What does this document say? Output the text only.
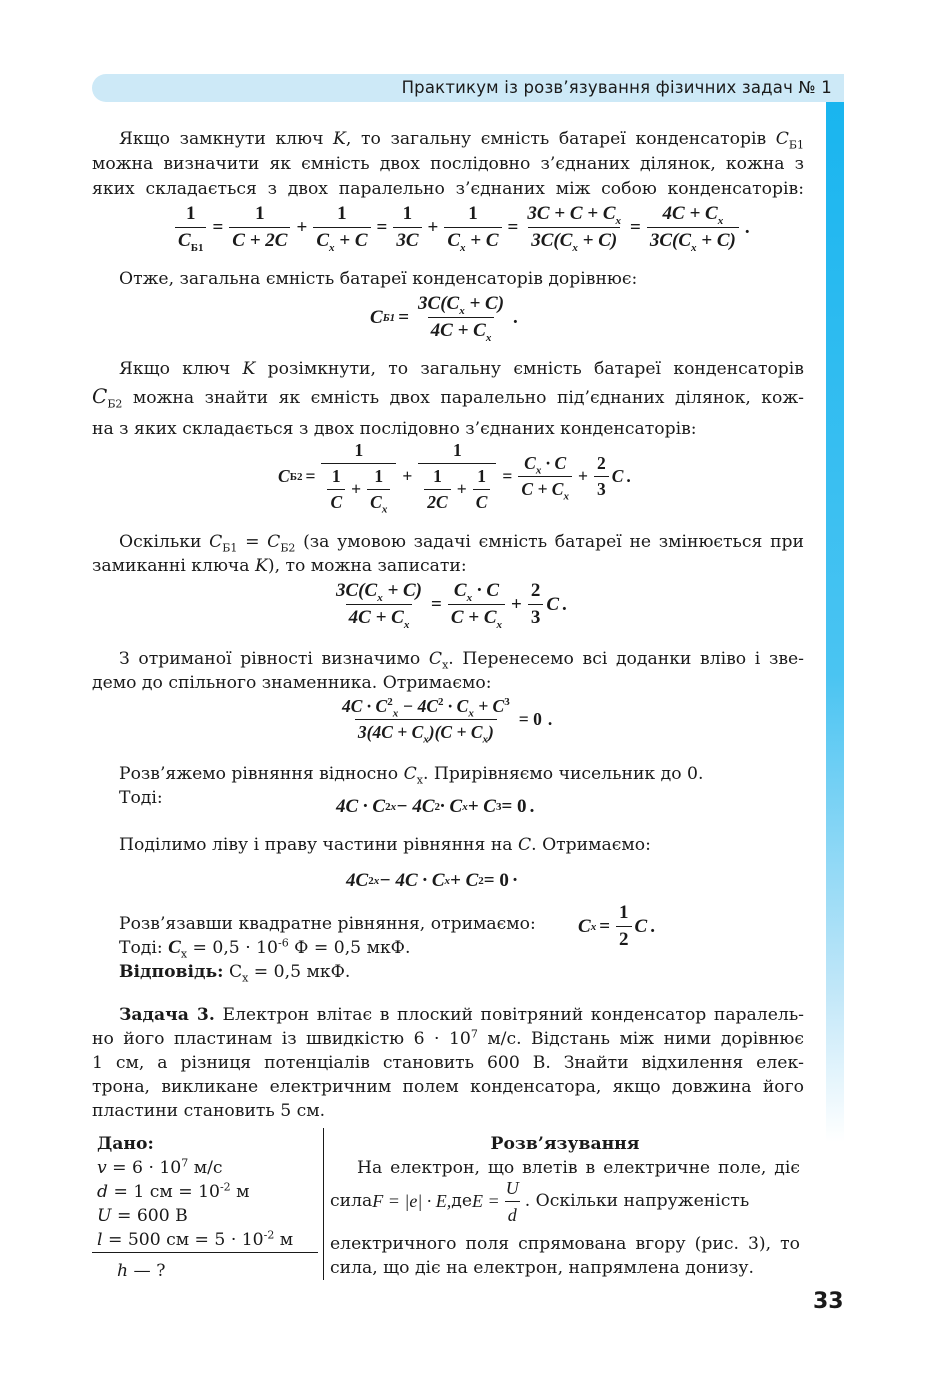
Практикум із розв’язування фізичних задач № 1
Якщо замкнути ключ K, то загальну ємність батареї конденсаторів $C_{Б1}$
можна визначити як ємність двох послідовно з’єднаних ділянок, кожна з
яких складається з двох паралельно з’єднаних між собою конденсаторів:
$\frac{1}{C_{Б1}} = \frac{1}{C + 2C} + \frac{1}{C_x + C} = \frac{1}{3C} + \frac{1}{C_x + C} = \frac{3C + C + C_x}{3C(C_x + C)} = \frac{4C + C_x}{3C(C_x + C)}$ .
Отже, загальна ємність батареї конденсаторів дорівнює:
C $Б1 = \frac{3C(C_x + C)}{4C + C_x}$ .
Якщо ключ K розімкнути, то загальну ємність батареї конденсаторів
$C_{Б2}$ можна знайти як ємність двох паралельно під’єднаних ділянок, кож-
на з яких складається з двох послідовно з’єднаних конденсаторів:
C $Б2 = \frac{1}{\frac{1}{C} + \frac{1}{C_x}} + \frac{1}{\frac{1}{2C} + \frac{1}{C}} = \frac{C_x \cdot C}{C + C_x} + \frac{2}{3}$ C .
Оскільки $C_{Б1} = C_{Б2}$ (за умовою задачі ємність батареї не змінюється при
замиканні ключа K), то можна записати:
$\frac{3C(C_x + C)}{4C + C_x} = \frac{C_x \cdot C}{C + C_x} + \frac{2}{3}$ C .
З отриманої рівності визначимо $C_x$. Перенесемо всі доданки вліво і зве-
демо до спільного знаменника. Отримаємо:
$\frac{4C \cdot C^2_x - 4C^2 \cdot C_x + C^3}{3(4C + C_x)(C + C_x)} = 0$ .
Розв’яжемо рівняння відносно $C_x$. Прирівняємо чисельник до 0.
Тоді:	4C · C 2 x − 4C 2 · C x + C 3 = 0 .
Поділимо ліву і праву частини рівняння на C. Отримаємо:
4C 2 x − 4C · C x + C 2 = 0 ·
Розв’язавши квадратне рівняння, отримаємо:	C $x = \frac{1}{2}$ C .
Тоді: $C_x = 0,5 \cdot 10^{-6}$ Ф = 0,5 мкФ.
Відповідь: $C_x = 0,5$ мкФ.
Задача 3. Електрон влітає в плоский повітряний конденсатор паралель-
но його пластинам із швидкістю $6 \cdot 10^7$ м/с. Відстань між ними дорівнює
1 см, а різниця потенціалів становить 600 В. Знайти відхилення елек-
трона, викликане електричним полем конденсатора, якщо довжина його
пластини становить 5 см.
Дано:
$v = 6 \cdot 10^7$ м/с
d = 1 см = $10^{-2}$ м
U = 600 В
l = 500 см = $5 \cdot 10^{-2}$ м
h — ?
Розв’язування
На електрон, що влетів в електричне поле, діє
сила F = |e| · E, де $E = \frac{U}{d}$ . Оскільки напруженість
електричного поля спрямована вгору (рис. 3), то
сила, що діє на електрон, напрямлена донизу.
33
